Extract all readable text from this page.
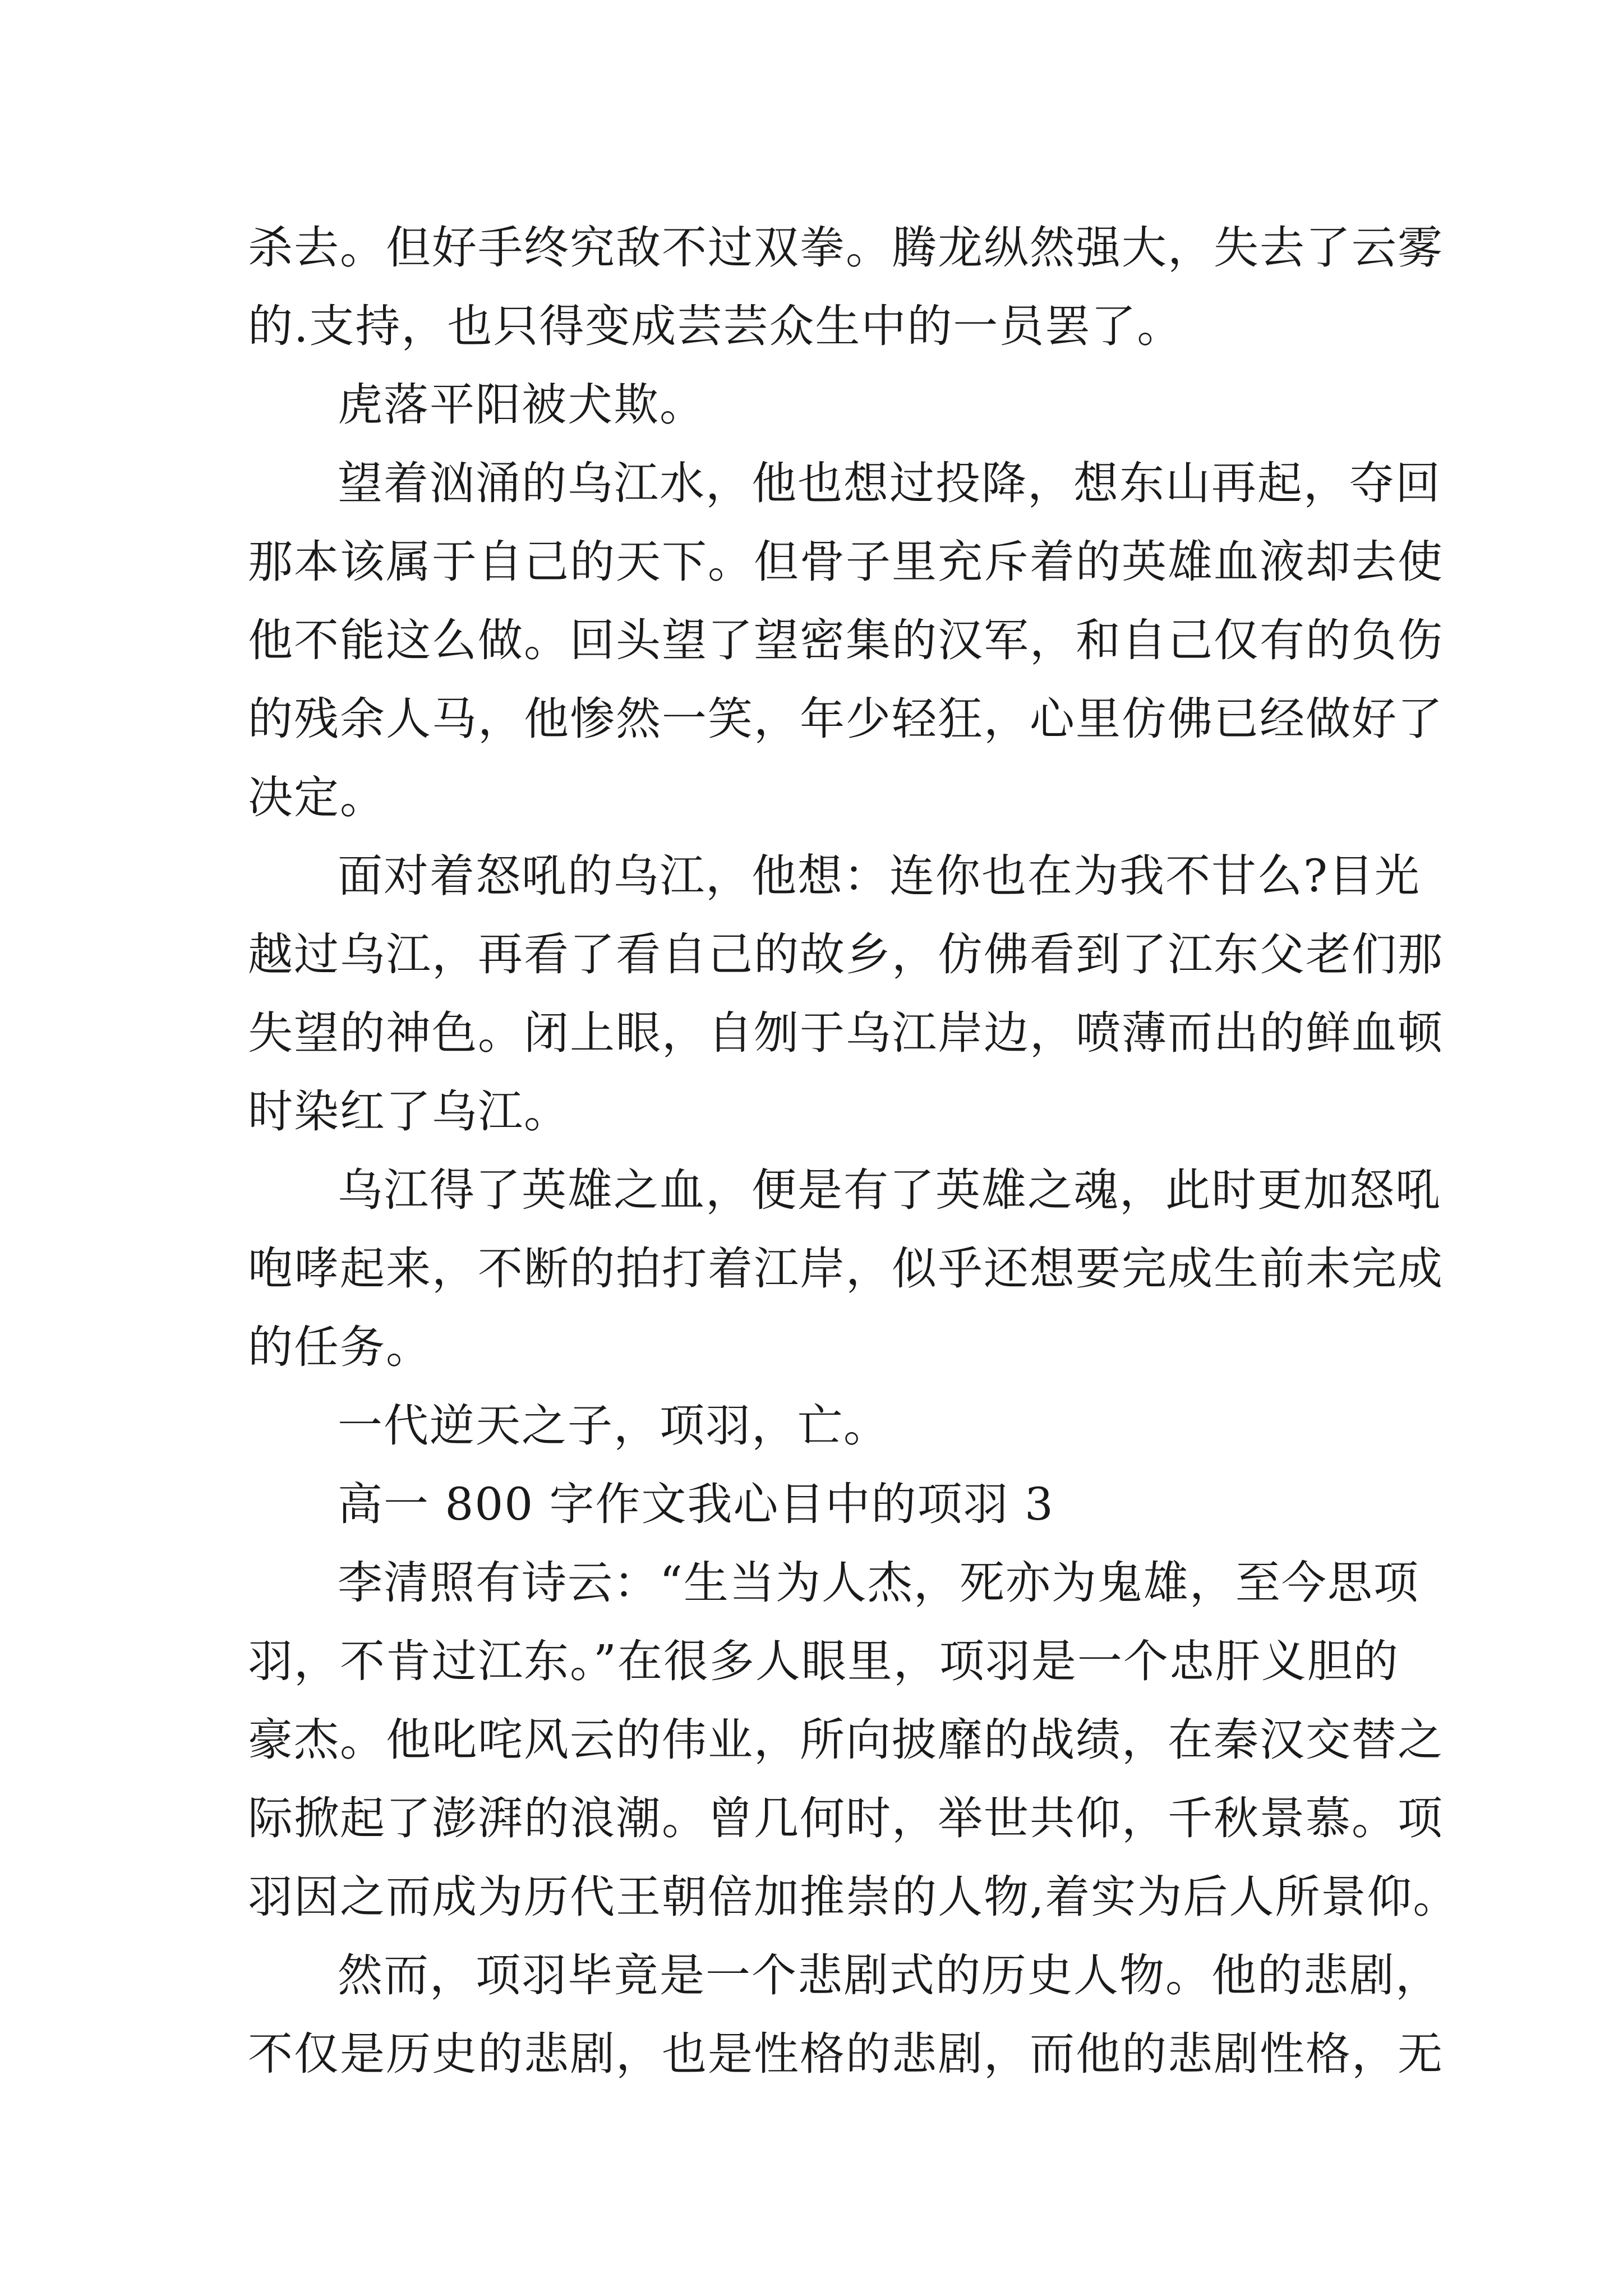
杀去。但好手终究敌不过双拳。腾龙纵然强大，失去了云雾
的.支持，也只得变成芸芸众生中的一员罢了。
虎落平阳被犬欺。
望着汹涌的乌江水，他也想过投降，想东山再起，夺回
那本该属于自己的天下。但骨子里充斥着的英雄血液却去使
他不能这么做。回头望了望密集的汉军，和自己仅有的负伤
的残余人马，他惨然一笑，年少轻狂，心里仿佛已经做好了
决定。
面对着怒吼的乌江，他想：连你也在为我不甘么?目光
越过乌江，再看了看自己的故乡，仿佛看到了江东父老们那
失望的神色。闭上眼，自刎于乌江岸边，喷薄而出的鲜血顿
时染红了乌江。
乌江得了英雄之血，便是有了英雄之魂，此时更加怒吼
咆哮起来，不断的拍打着江岸，似乎还想要完成生前未完成
的任务。
一代逆天之子，项羽，亡。
高一 800 字作文我心目中的项羽 3
李清照有诗云：“生当为人杰，死亦为鬼雄，至今思项
羽，不肯过江东。”在很多人眼里，项羽是一个忠肝义胆的
豪杰。他叱咤风云的伟业，所向披靡的战绩，在秦汉交替之
际掀起了澎湃的浪潮。曾几何时，举世共仰，千秋景慕。项
羽因之而成为历代王朝倍加推崇的人物,着实为后人所景仰。
然而，项羽毕竟是一个悲剧式的历史人物。他的悲剧，
不仅是历史的悲剧，也是性格的悲剧，而他的悲剧性格，无
